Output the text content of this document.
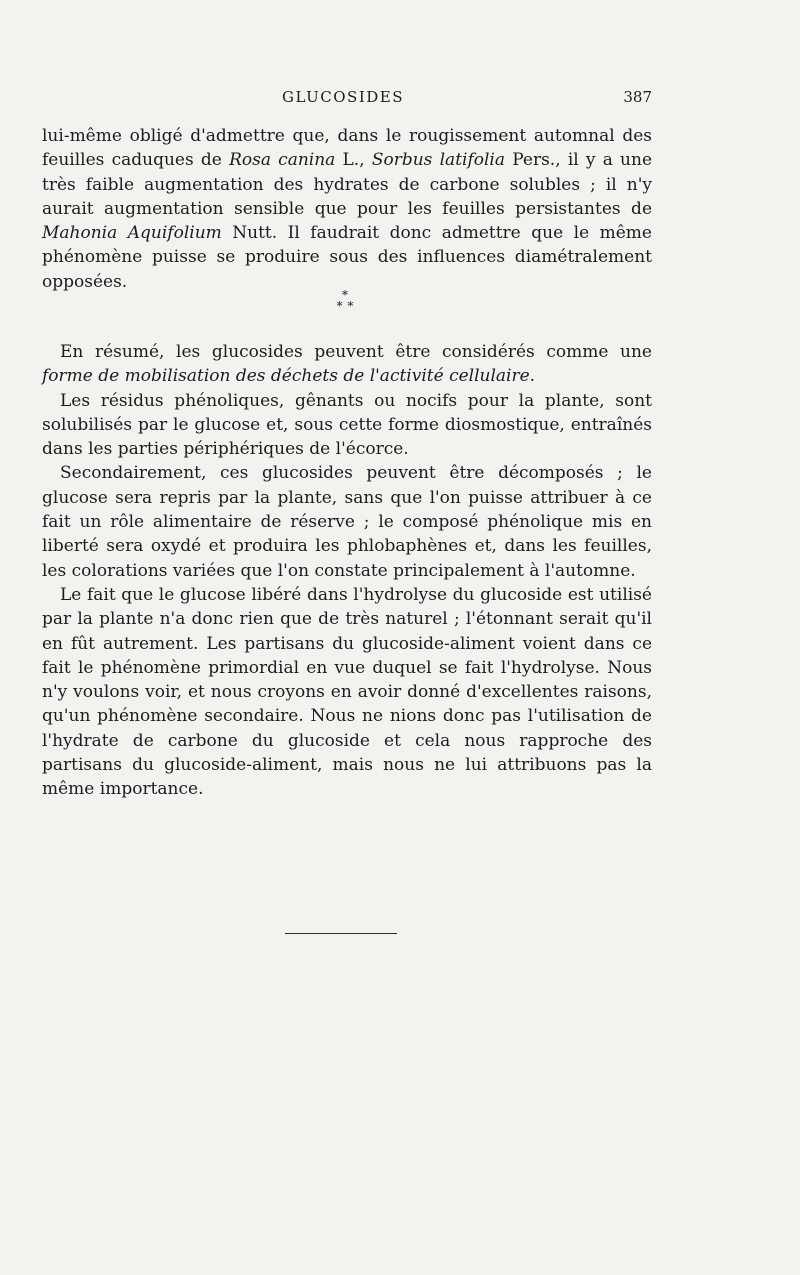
GLUCOSIDES	387

lui-même obligé d'admettre que, dans le rougissement automnal des feuilles caduques de Rosa canina L., Sorbus latifolia Pers., il y a une très faible augmentation des hydrates de carbone solubles ; il n'y aurait augmentation sensible que pour les feuilles persistantes de Mahonia Aquifolium Nutt. Il faudrait donc admettre que le même phénomène puisse se produire sous des influences diamétralement opposées.

*
*  *

En résumé, les glucosides peuvent être considérés comme une forme de mobilisation des déchets de l'activité cellulaire.

Les résidus phénoliques, gênants ou nocifs pour la plante, sont solubilisés par le glucose et, sous cette forme diosmostique, entraînés dans les parties périphériques de l'écorce.

Secondairement, ces glucosides peuvent être décomposés ; le glucose sera repris par la plante, sans que l'on puisse attribuer à ce fait un rôle alimentaire de réserve ; le composé phénolique mis en liberté sera oxydé et produira les phlobaphènes et, dans les feuilles, les colorations variées que l'on constate principalement à l'automne.

Le fait que le glucose libéré dans l'hydrolyse du glucoside est utilisé par la plante n'a donc rien que de très naturel ; l'étonnant serait qu'il en fût autrement. Les partisans du glucoside-aliment voient dans ce fait le phénomène primordial en vue duquel se fait l'hydrolyse. Nous n'y voulons voir, et nous croyons en avoir donné d'excellentes raisons, qu'un phénomène secondaire. Nous ne nions donc pas l'utilisation de l'hydrate de carbone du glucoside et cela nous rapproche des partisans du glucoside-aliment, mais nous ne lui attribuons pas la même importance.
